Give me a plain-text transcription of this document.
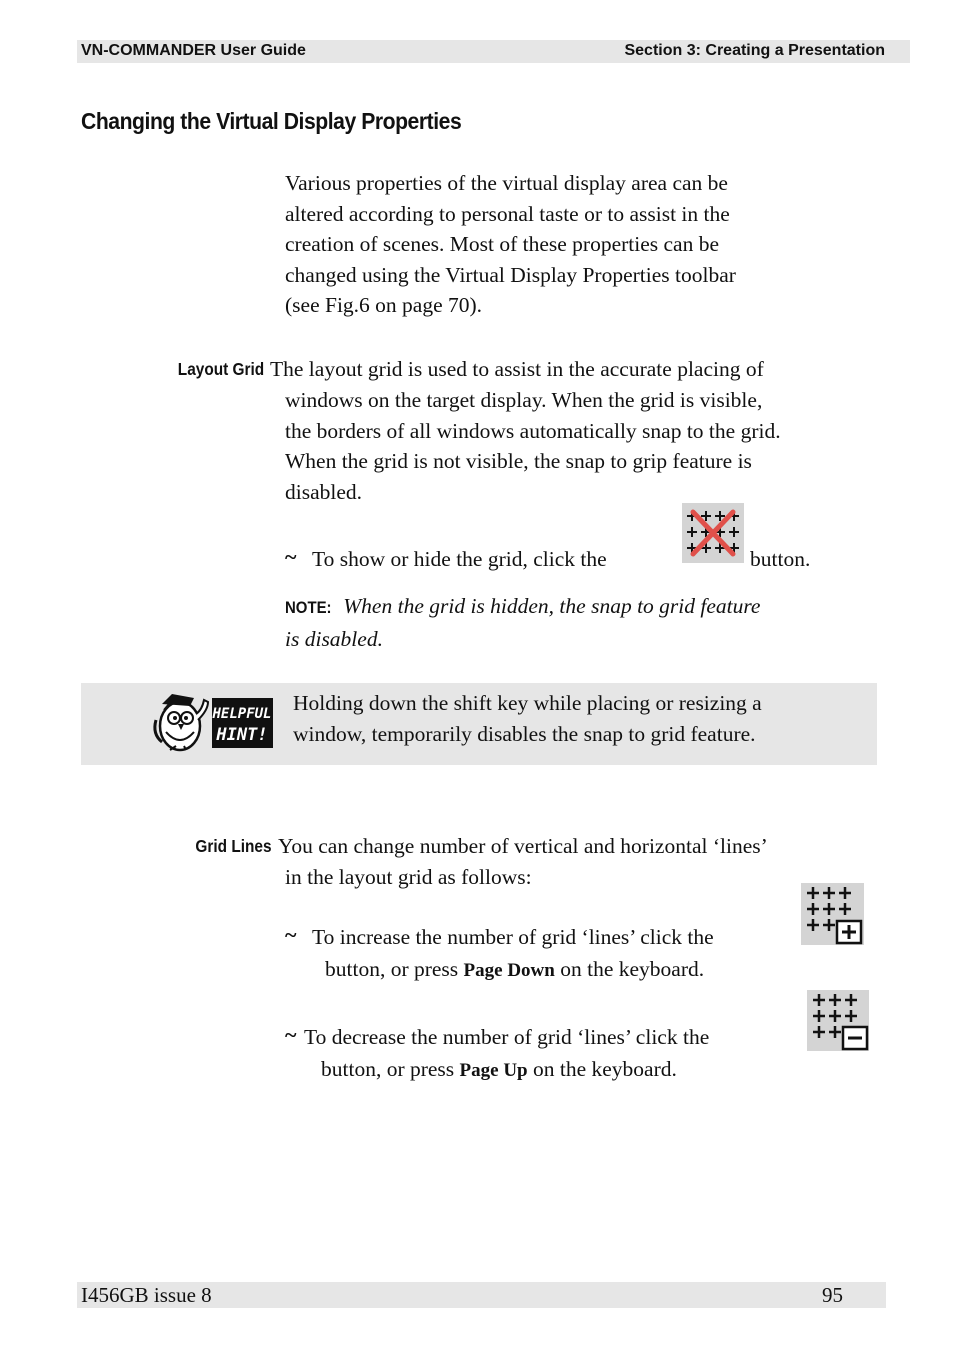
VN-COMMANDER User Guide	Section 3: Creating a Presentation
Changing the Virtual Display Properties
Various properties of the virtual display area can be
altered according to personal taste or to assist in the
creation of scenes. Most of these properties can be
changed using the Virtual Display Properties toolbar
(see Fig.6 on page 70).
Layout Grid The layout grid is used to assist in the accurate placing of
windows on the target display. When the grid is visible,
the borders of all windows automatically snap to the grid.
When the grid is not visible, the snap to grip feature is
disabled.
~ To show or hide the grid, click the	button.
NOTE: When the grid is hidden, the snap to grid feature
is disabled.
HELPFUL
HINT!
Holding down the shift key while placing or resizing a
window, temporarily disables the snap to grid feature.
Grid Lines You can change number of vertical and horizontal ‘lines’
in the layout grid as follows:
~ To increase the number of grid ‘lines’ click the
button, or press Page Down on the keyboard.
~ To decrease the number of grid ‘lines’ click the
button, or press Page Up on the keyboard.
I456GB issue 8	95
